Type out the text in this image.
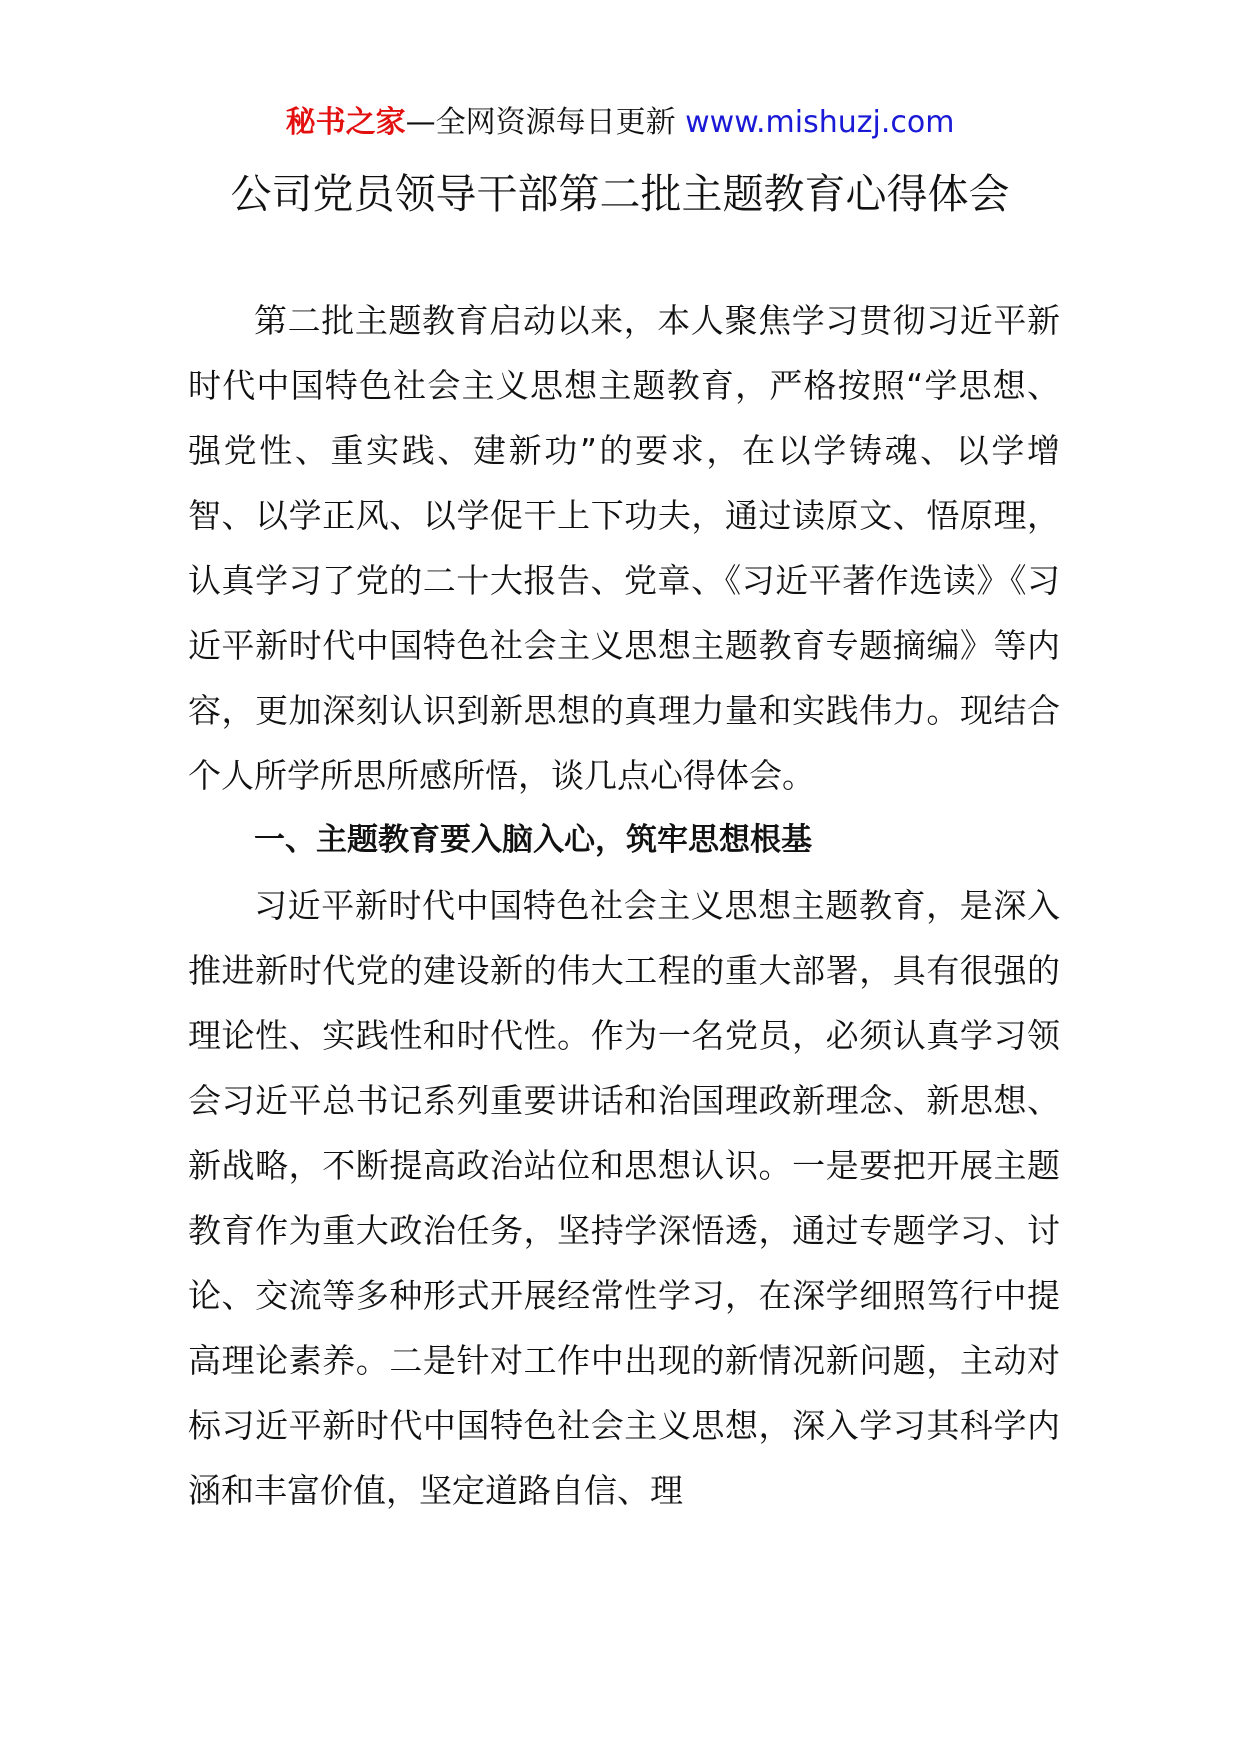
秘书之家—全网资源每日更新 www.mishuzj.com
公司党员领导干部第二批主题教育心得体会

第二批主题教育启动以来，本人聚焦学习贯彻习近平新时代中国特色社会主义思想主题教育，严格按照“学思想、强党性、重实践、建新功”的要求，在以学铸魂、以学增智、以学正风、以学促干上下功夫，通过读原文、悟原理，认真学习了党的二十大报告、党章、《习近平著作选读》《习近平新时代中国特色社会主义思想主题教育专题摘编》等内容，更加深刻认识到新思想的真理力量和实践伟力。现结合个人所学所思所感所悟，谈几点心得体会。

一、主题教育要入脑入心，筑牢思想根基

习近平新时代中国特色社会主义思想主题教育，是深入推进新时代党的建设新的伟大工程的重大部署，具有很强的理论性、实践性和时代性。作为一名党员，必须认真学习领会习近平总书记系列重要讲话和治国理政新理念、新思想、新战略，不断提高政治站位和思想认识。一是要把开展主题教育作为重大政治任务，坚持学深悟透，通过专题学习、讨论、交流等多种形式开展经常性学习，在深学细照笃行中提高理论素养。二是针对工作中出现的新情况新问题，主动对标习近平新时代中国特色社会主义思想，深入学习其科学内涵和丰富价值，坚定道路自信、理
